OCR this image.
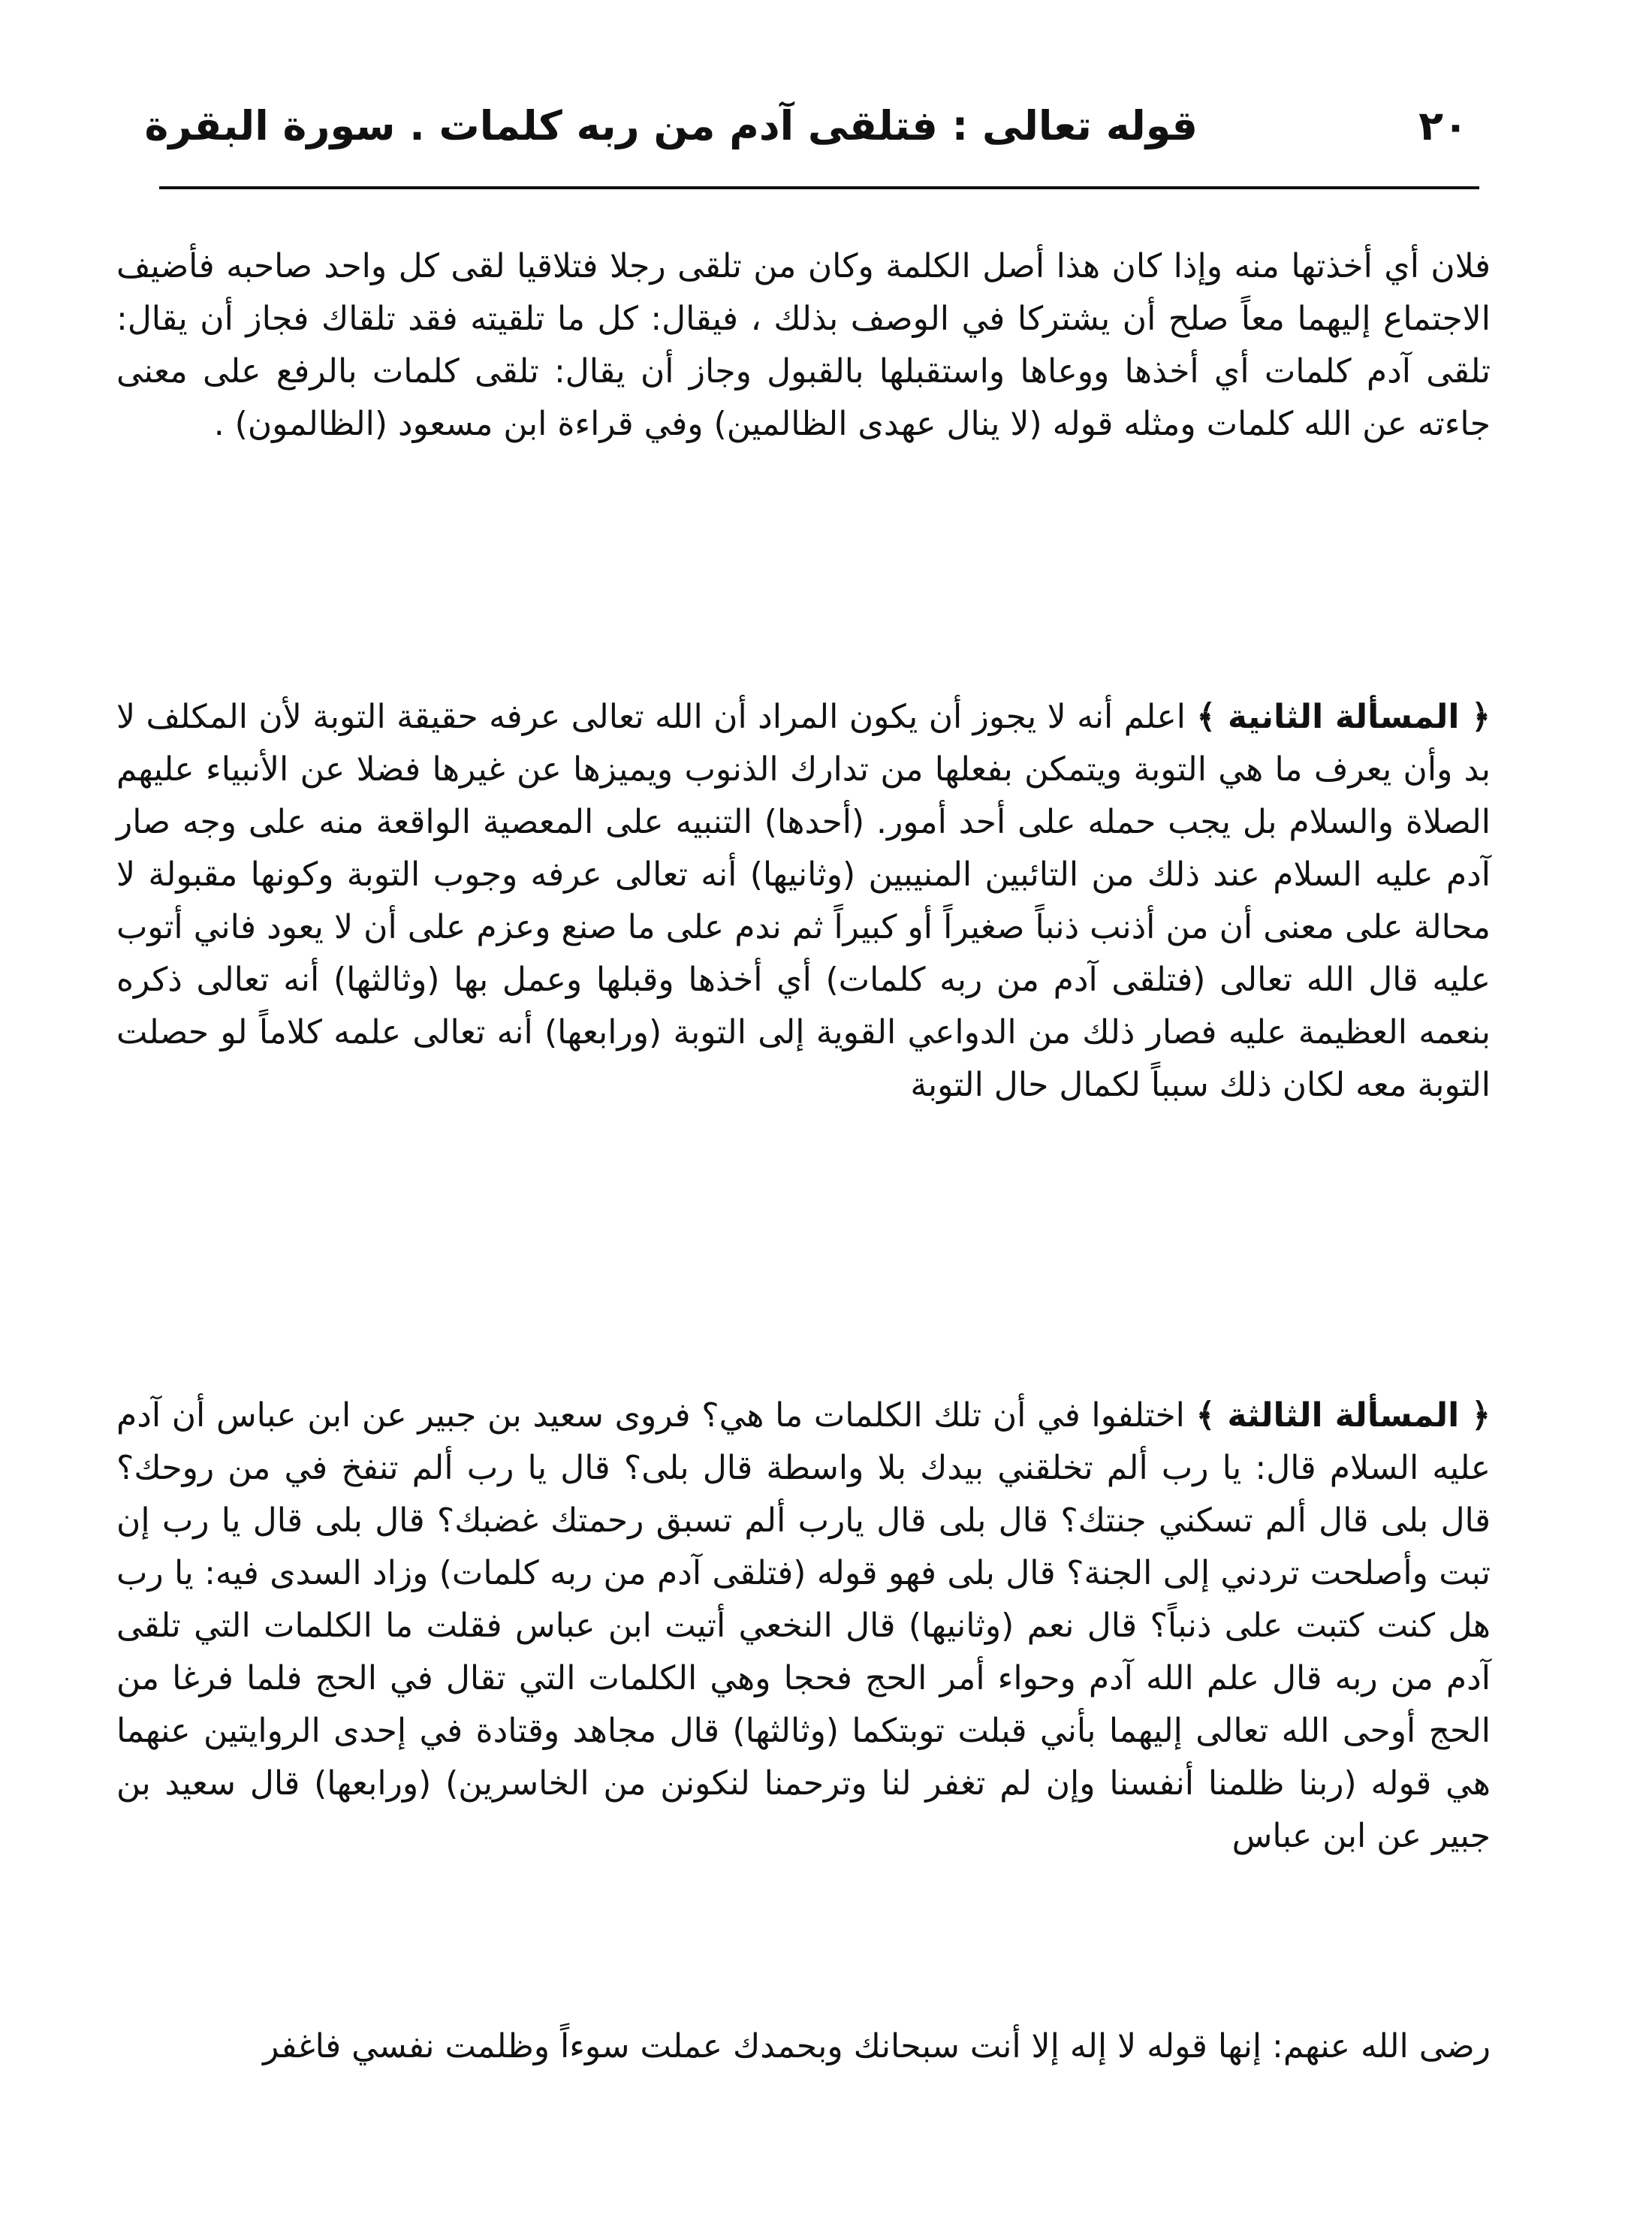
٢٠
قوله تعالى : فتلقى آدم من ربه كلمات . سورة البقرة

فلان أي أخذتها منه وإذا كان هذا أصل الكلمة وكان من تلقى رجلا فتلاقيا لقى كل واحد صاحبه فأضيف الاجتماع إليهما معاً صلح أن يشتركا في الوصف بذلك ، فيقال: كل ما تلقيته فقد تلقاك فجاز أن يقال: تلقى آدم كلمات أي أخذها ووعاها واستقبلها بالقبول وجاز أن يقال: تلقى كلمات بالرفع على معنى جاءته عن الله كلمات ومثله قوله (لا ينال عهدى الظالمين) وفي قراءة ابن مسعود (الظالمون) .

﴿ المسألة الثانية ﴾ اعلم أنه لا يجوز أن يكون المراد أن الله تعالى عرفه حقيقة التوبة لأن المكلف لا بد وأن يعرف ما هي التوبة ويتمكن بفعلها من تدارك الذنوب ويميزها عن غيرها فضلا عن الأنبياء عليهم الصلاة والسلام بل يجب حمله على أحد أمور. (أحدها) التنبيه على المعصية الواقعة منه على وجه صار آدم عليه السلام عند ذلك من التائبين المنيبين (وثانيها) أنه تعالى عرفه وجوب التوبة وكونها مقبولة لا محالة على معنى أن من أذنب ذنباً صغيراً أو كبيراً ثم ندم على ما صنع وعزم على أن لا يعود فاني أتوب عليه قال الله تعالى (فتلقى آدم من ربه كلمات) أي أخذها وقبلها وعمل بها (وثالثها) أنه تعالى ذكره بنعمه العظيمة عليه فصار ذلك من الدواعي القوية إلى التوبة (ورابعها) أنه تعالى علمه كلاماً لو حصلت التوبة معه لكان ذلك سبباً لكمال حال التوبة

﴿ المسألة الثالثة ﴾ اختلفوا في أن تلك الكلمات ما هي؟ فروى سعيد بن جبير عن ابن عباس أن آدم عليه السلام قال: يا رب ألم تخلقني بيدك بلا واسطة قال بلى؟ قال يا رب ألم تنفخ في من روحك؟ قال بلى قال ألم تسكني جنتك؟ قال بلى قال يارب ألم تسبق رحمتك غضبك؟ قال بلى قال يا رب إن تبت وأصلحت تردني إلى الجنة؟ قال بلى فهو قوله (فتلقى آدم من ربه كلمات) وزاد السدى فيه: يا رب هل كنت كتبت على ذنباً؟ قال نعم (وثانيها) قال النخعي أتيت ابن عباس فقلت ما الكلمات التي تلقى آدم من ربه قال علم الله آدم وحواء أمر الحج فحجا وهي الكلمات التي تقال في الحج فلما فرغا من الحج أوحى الله تعالى إليهما بأني قبلت توبتكما (وثالثها) قال مجاهد وقتادة في إحدى الروايتين عنهما هي قوله (ربنا ظلمنا أنفسنا وإن لم تغفر لنا وترحمنا لنكونن من الخاسرين) (ورابعها) قال سعيد بن جبير عن ابن عباس

رضى الله عنهم: إنها قوله لا إله إلا أنت سبحانك وبحمدك عملت سوءاً وظلمت نفسي فاغفر
